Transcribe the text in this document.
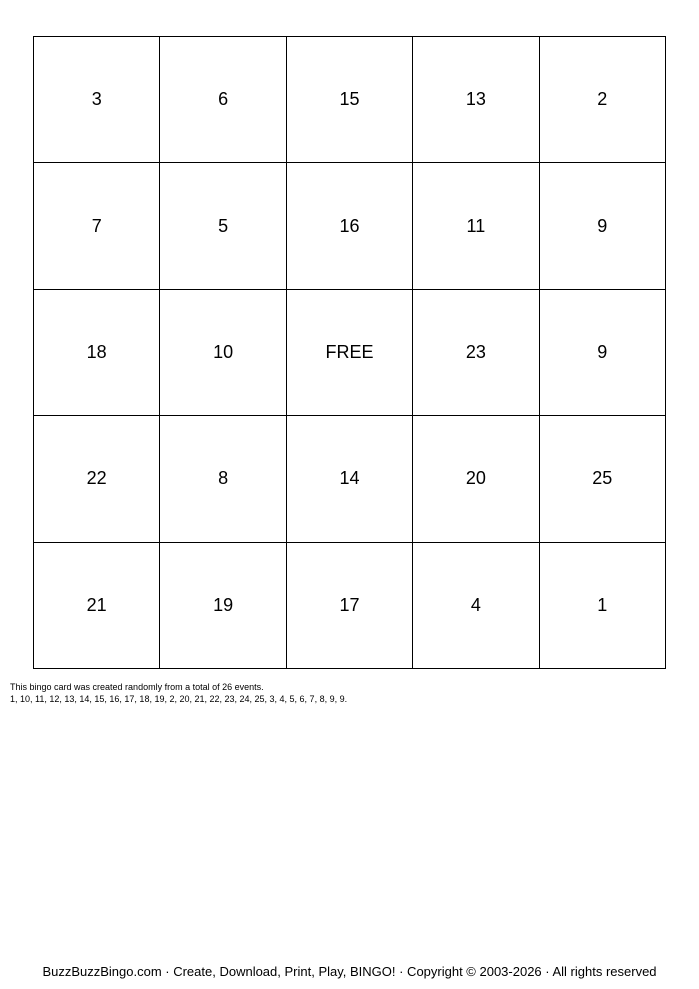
3	6	15	13	2
7	5	16	11	9
18	10	FREE	23	9
22	8	14	20	25
21	19	17	4	1
This bingo card was created randomly from a total of 26 events.
1, 10, 11, 12, 13, 14, 15, 16, 17, 18, 19, 2, 20, 21, 22, 23, 24, 25, 3, 4, 5, 6, 7, 8, 9, 9.
BuzzBuzzBingo.com · Create, Download, Print, Play, BINGO! · Copyright © 2003-2026 · All rights reserved
